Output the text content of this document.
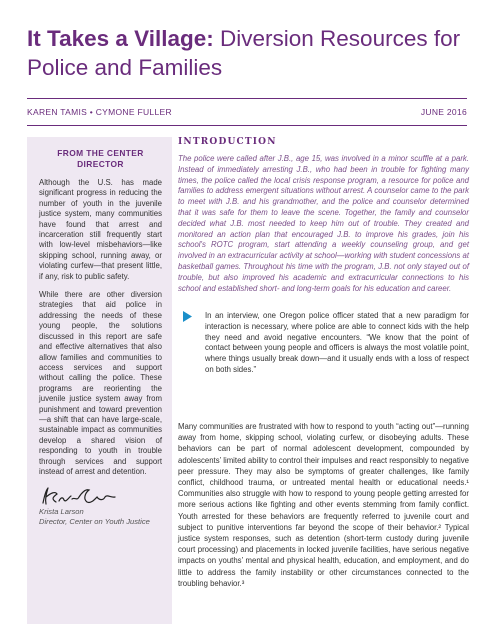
It Takes a Village: Diversion Resources for Police and Families
KAREN TAMIS • CYMONE FULLER	JUNE 2016
FROM THE CENTER DIRECTOR

Although the U.S. has made significant progress in reducing the number of youth in the juvenile justice system, many communities have found that arrest and incarceration still frequently start with low-level misbehaviors—like skipping school, running away, or violating curfew—that present little, if any, risk to public safety.

While there are other diversion strategies that aid police in addressing the needs of these young people, the solutions discussed in this report are safe and effective alternatives that also allow families and communities to access services and support without calling the police. These programs are reorienting the juvenile justice system away from punishment and toward prevention—a shift that can have large-scale, sustainable impact as communities develop a shared vision of responding to youth in trouble through services and support instead of arrest and detention.

Krista Larson
Director, Center on Youth Justice
INTRODUCTION

The police were called after J.B., age 15, was involved in a minor scuffle at a park. Instead of immediately arresting J.B., who had been in trouble for fighting many times, the police called the local crisis response program, a resource for police and families to address emergent situations without arrest. A counselor came to the park to meet with J.B. and his grandmother, and the police and counselor determined that it was safe for them to leave the scene. Together, the family and counselor decided what J.B. most needed to keep him out of trouble. They created and monitored an action plan that encouraged J.B. to improve his grades, join his school's ROTC program, start attending a weekly counseling group, and get involved in an extracurricular activity at school—working with student concessions at basketball games. Throughout his time with the program, J.B. not only stayed out of trouble, but also improved his academic and extracurricular connections to his school and established short- and long-term goals for his education and career.

In an interview, one Oregon police officer stated that a new paradigm for interaction is necessary, where police are able to connect kids with the help they need and avoid negative encounters. “We know that the point of contact between young people and officers is always the most volatile point, where things usually break down—and it usually ends with a loss of respect on both sides.”

Many communities are frustrated with how to respond to youth “acting out”—running away from home, skipping school, violating curfew, or disobeying adults. These behaviors can be part of normal adolescent development, compounded by adolescents’ limited ability to control their impulses and react responsibly to negative peer pressure. They may also be symptoms of greater challenges, like family conflict, childhood trauma, or untreated mental health or educational needs.¹ Communities also struggle with how to respond to young people getting arrested for more serious actions like fighting and other events stemming from family conflict. Youth arrested for these behaviors are frequently referred to juvenile court and subject to punitive interventions far beyond the scope of their behavior.² Typical justice system responses, such as detention (short-term custody during juvenile court processing) and placements in locked juvenile facilities, have serious negative impacts on youths’ mental and physical health, education, and employment, and do little to address the family instability or other circumstances connected to the troubling behavior.³
